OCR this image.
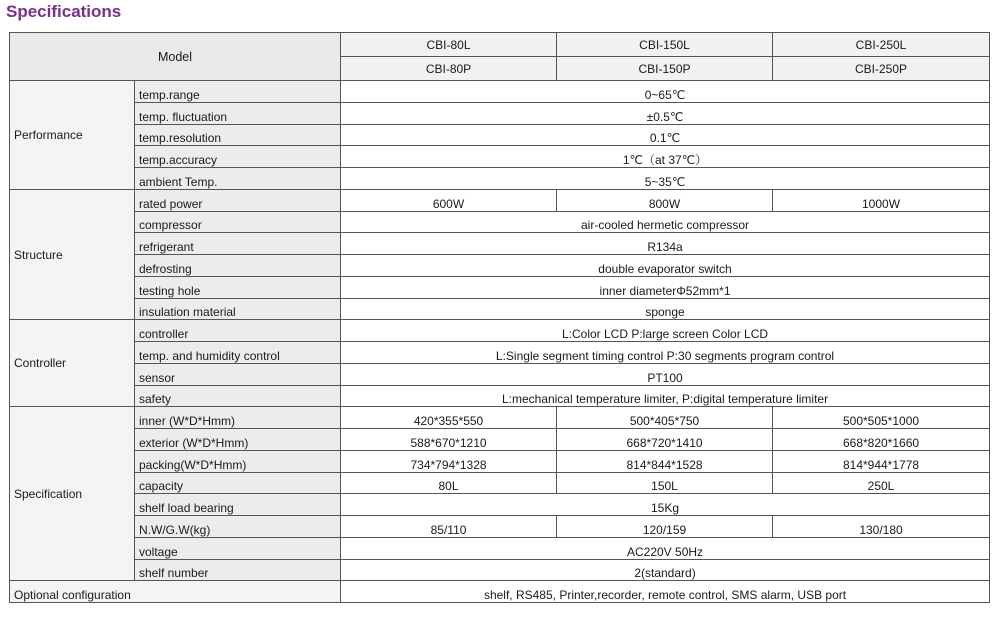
Specifications
Model		CBI-80L	CBI-150L	CBI-250L
		CBI-80P	CBI-150P	CBI-250P
Performance	temp.range	0~65℃		
	temp. fluctuation	±0.5℃		
	temp.resolution	0.1℃		
	temp.accuracy	1℃（at 37℃）		
	ambient Temp.	5~35℃		
Structure	rated power	600W	800W	1000W
	compressor	air-cooled hermetic compressor		
	refrigerant	R134a		
	defrosting	double evaporator switch		
	testing hole	inner diameterΦ52mm*1		
	insulation material	sponge		
Controller	controller	L:Color LCD P:large screen Color LCD		
	temp. and humidity control	L:Single segment timing control P:30 segments program control		
	sensor	PT100		
	safety	L:mechanical temperature limiter, P:digital temperature limiter		
Specification	inner (W*D*Hmm)	420*355*550	500*405*750	500*505*1000
	exterior (W*D*Hmm)	588*670*1210	668*720*1410	668*820*1660
	packing(W*D*Hmm)	734*794*1328	814*844*1528	814*944*1778
	capacity	80L	150L	250L
	shelf load bearing	15Kg		
	N.W/G.W(kg)	85/110	120/159	130/180
	voltage	AC220V 50Hz		
	shelf number	2(standard)		
Optional configuration		shelf, RS485, Printer,recorder, remote control, SMS alarm, USB port		
